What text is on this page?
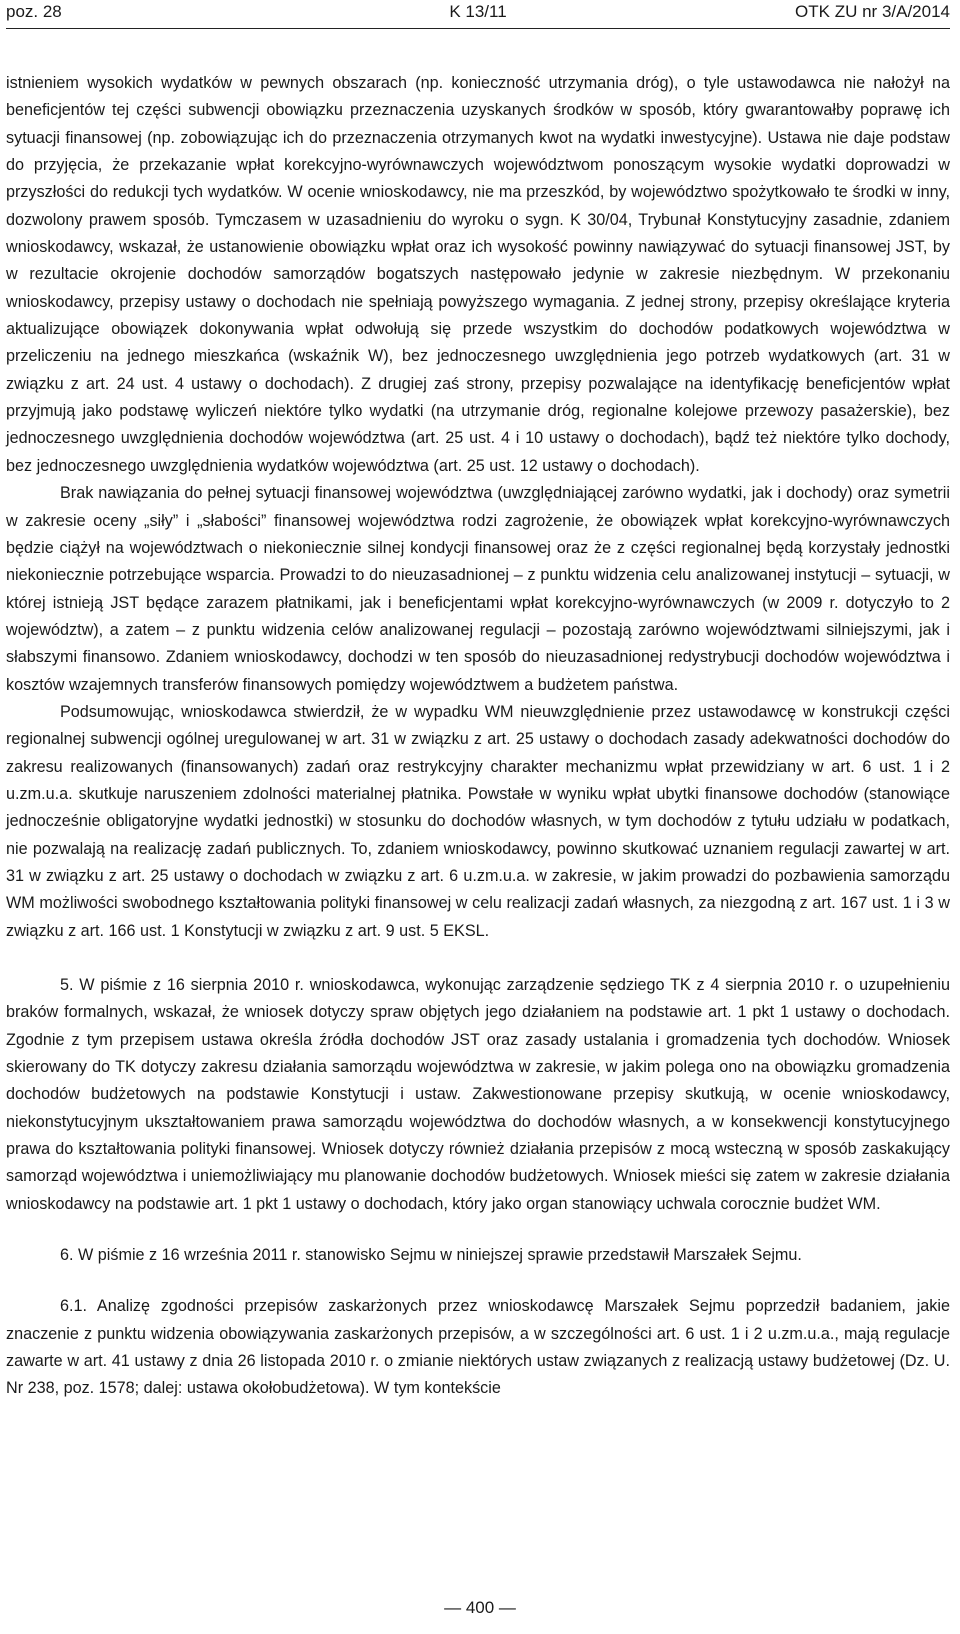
poz. 28	K 13/11	OTK ZU nr 3/A/2014

istnieniem wysokich wydatków w pewnych obszarach (np. konieczność utrzymania dróg), o tyle ustawodawca nie nałożył na beneficjentów tej części subwencji obowiązku przeznaczenia uzyskanych środków w sposób, który gwarantowałby poprawę ich sytuacji finansowej (np. zobowiązując ich do przeznaczenia otrzymanych kwot na wydatki inwestycyjne). Ustawa nie daje podstaw do przyjęcia, że przekazanie wpłat korekcyjno-wyrównawczych województwom ponoszącym wysokie wydatki doprowadzi w przyszłości do redukcji tych wydatków. W ocenie wnioskodawcy, nie ma przeszkód, by województwo spożytkowało te środki w inny, dozwolony prawem sposób. Tymczasem w uzasadnieniu do wyroku o sygn. K 30/04, Trybunał Konstytucyjny zasadnie, zdaniem wnioskodawcy, wskazał, że ustanowienie obowiązku wpłat oraz ich wysokość powinny nawiązywać do sytuacji finansowej JST, by w rezultacie okrojenie dochodów samorządów bogatszych następowało jedynie w zakresie niezbędnym. W przekonaniu wnioskodawcy, przepisy ustawy o dochodach nie spełniają powyższego wymagania. Z jednej strony, przepisy określające kryteria aktualizujące obowiązek dokonywania wpłat odwołują się przede wszystkim do dochodów podatkowych województwa w przeliczeniu na jednego mieszkańca (wskaźnik W), bez jednoczesnego uwzględnienia jego potrzeb wydatkowych (art. 31 w związku z art. 24 ust. 4 ustawy o dochodach). Z drugiej zaś strony, przepisy pozwalające na identyfikację beneficjentów wpłat przyjmują jako podstawę wyliczeń niektóre tylko wydatki (na utrzymanie dróg, regionalne kolejowe przewozy pasażerskie), bez jednoczesnego uwzględnienia dochodów województwa (art. 25 ust. 4 i 10 ustawy o dochodach), bądź też niektóre tylko dochody, bez jednoczesnego uwzględnienia wydatków województwa (art. 25 ust. 12 ustawy o dochodach).

Brak nawiązania do pełnej sytuacji finansowej województwa (uwzględniającej zarówno wydatki, jak i dochody) oraz symetrii w zakresie oceny „siły” i „słabości” finansowej województwa rodzi zagrożenie, że obowiązek wpłat korekcyjno-wyrównawczych będzie ciążył na województwach o niekoniecznie silnej kondycji finansowej oraz że z części regionalnej będą korzystały jednostki niekoniecznie potrzebujące wsparcia. Prowadzi to do nieuzasadnionej – z punktu widzenia celu analizowanej instytucji – sytuacji, w której istnieją JST będące zarazem płatnikami, jak i beneficjentami wpłat korekcyjno-wyrównawczych (w 2009 r. dotyczyło to 2 województw), a zatem – z punktu widzenia celów analizowanej regulacji – pozostają zarówno województwami silniejszymi, jak i słabszymi finansowo. Zdaniem wnioskodawcy, dochodzi w ten sposób do nieuzasadnionej redystrybucji dochodów województwa i kosztów wzajemnych transferów finansowych pomiędzy województwem a budżetem państwa.

Podsumowując, wnioskodawca stwierdził, że w wypadku WM nieuwzględnienie przez ustawodawcę w konstrukcji części regionalnej subwencji ogólnej uregulowanej w art. 31 w związku z art. 25 ustawy o dochodach zasady adekwatności dochodów do zakresu realizowanych (finansowanych) zadań oraz restrykcyjny charakter mechanizmu wpłat przewidziany w art. 6 ust. 1 i 2 u.zm.u.a. skutkuje naruszeniem zdolności materialnej płatnika. Powstałe w wyniku wpłat ubytki finansowe dochodów (stanowiące jednocześnie obligatoryjne wydatki jednostki) w stosunku do dochodów własnych, w tym dochodów z tytułu udziału w podatkach, nie pozwalają na realizację zadań publicznych. To, zdaniem wnioskodawcy, powinno skutkować uznaniem regulacji zawartej w art. 31 w związku z art. 25 ustawy o dochodach w związku z art. 6 u.zm.u.a. w zakresie, w jakim prowadzi do pozbawienia samorządu WM możliwości swobodnego kształtowania polityki finansowej w celu realizacji zadań własnych, za niezgodną z art. 167 ust. 1 i 3 w związku z art. 166 ust. 1 Konstytucji w związku z art. 9 ust. 5 EKSL.

5. W piśmie z 16 sierpnia 2010 r. wnioskodawca, wykonując zarządzenie sędziego TK z 4 sierpnia 2010 r. o uzupełnieniu braków formalnych, wskazał, że wniosek dotyczy spraw objętych jego działaniem na podstawie art. 1 pkt 1 ustawy o dochodach. Zgodnie z tym przepisem ustawa określa źródła dochodów JST oraz zasady ustalania i gromadzenia tych dochodów. Wniosek skierowany do TK dotyczy zakresu działania samorządu województwa w zakresie, w jakim polega ono na obowiązku gromadzenia dochodów budżetowych na podstawie Konstytucji i ustaw. Zakwestionowane przepisy skutkują, w ocenie wnioskodawcy, niekonstytucyjnym ukształtowaniem prawa samorządu województwa do dochodów własnych, a w konsekwencji konstytucyjnego prawa do kształtowania polityki finansowej. Wniosek dotyczy również działania przepisów z mocą wsteczną w sposób zaskakujący samorząd województwa i uniemożliwiający mu planowanie dochodów budżetowych. Wniosek mieści się zatem w zakresie działania wnioskodawcy na podstawie art. 1 pkt 1 ustawy o dochodach, który jako organ stanowiący uchwala corocznie budżet WM.

6. W piśmie z 16 września 2011 r. stanowisko Sejmu w niniejszej sprawie przedstawił Marszałek Sejmu.

6.1. Analizę zgodności przepisów zaskarżonych przez wnioskodawcę Marszałek Sejmu poprzedził badaniem, jakie znaczenie z punktu widzenia obowiązywania zaskarżonych przepisów, a w szczególności art. 6 ust. 1 i 2 u.zm.u.a., mają regulacje zawarte w art. 41 ustawy z dnia 26 listopada 2010 r. o zmianie niektórych ustaw związanych z realizacją ustawy budżetowej (Dz. U. Nr 238, poz. 1578; dalej: ustawa okołobudżetowa). W tym kontekście

— 400 —
